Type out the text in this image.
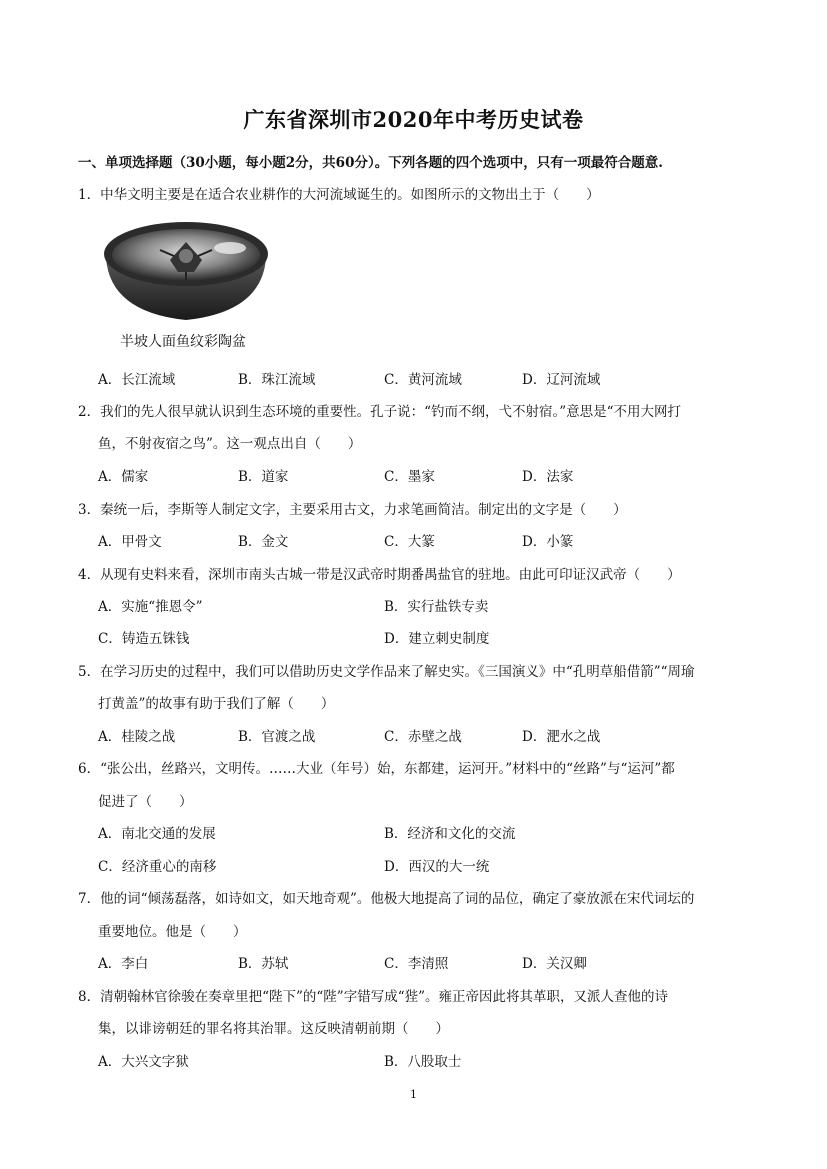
广东省深圳市2020年中考历史试卷
一、单项选择题（30小题，每小题2分，共60分）。下列各题的四个选项中，只有一项最符合题意.
1．中华文明主要是在适合农业耕作的大河流域诞生的。如图所示的文物出土于（　　）
半坡人面鱼纹彩陶盆
A．长江流域	B．珠江流域	C．黄河流域	D．辽河流域
2．我们的先人很早就认识到生态环境的重要性。孔子说：“钓而不纲，弋不射宿。”意思是“不用大网打
鱼，不射夜宿之鸟”。这一观点出自（　　）
A．儒家	B．道家	C．墨家	D．法家
3．秦统一后，李斯等人制定文字，主要采用古文，力求笔画简洁。制定出的文字是（　　）
A．甲骨文	B．金文	C．大篆	D．小篆
4．从现有史料来看，深圳市南头古城一带是汉武帝时期番禺盐官的驻地。由此可印证汉武帝（　　）
A．实施“推恩令”	B．实行盐铁专卖
C．铸造五铢钱	D．建立刺史制度
5．在学习历史的过程中，我们可以借助历史文学作品来了解史实。《三国演义》中“孔明草船借箭”“周瑜
打黄盖”的故事有助于我们了解（　　）
A．桂陵之战	B．官渡之战	C．赤壁之战	D．淝水之战
6．“张公出，丝路兴，文明传。……大业（年号）始，东都建，运河开。”材料中的“丝路”与“运河”都
促进了（　　）
A．南北交通的发展	B．经济和文化的交流
C．经济重心的南移	D．西汉的大一统
7．他的词“倾荡磊落，如诗如文，如天地奇观”。他极大地提高了词的品位，确定了豪放派在宋代词坛的
重要地位。他是（　　）
A．李白	B．苏轼	C．李清照	D．关汉卿
8．清朝翰林官徐骏在奏章里把“陛下”的“陛”字错写成“狴”。雍正帝因此将其革职，又派人查他的诗
集，以诽谤朝廷的罪名将其治罪。这反映清朝前期（　　）
A．大兴文字狱	B．八股取士
1
